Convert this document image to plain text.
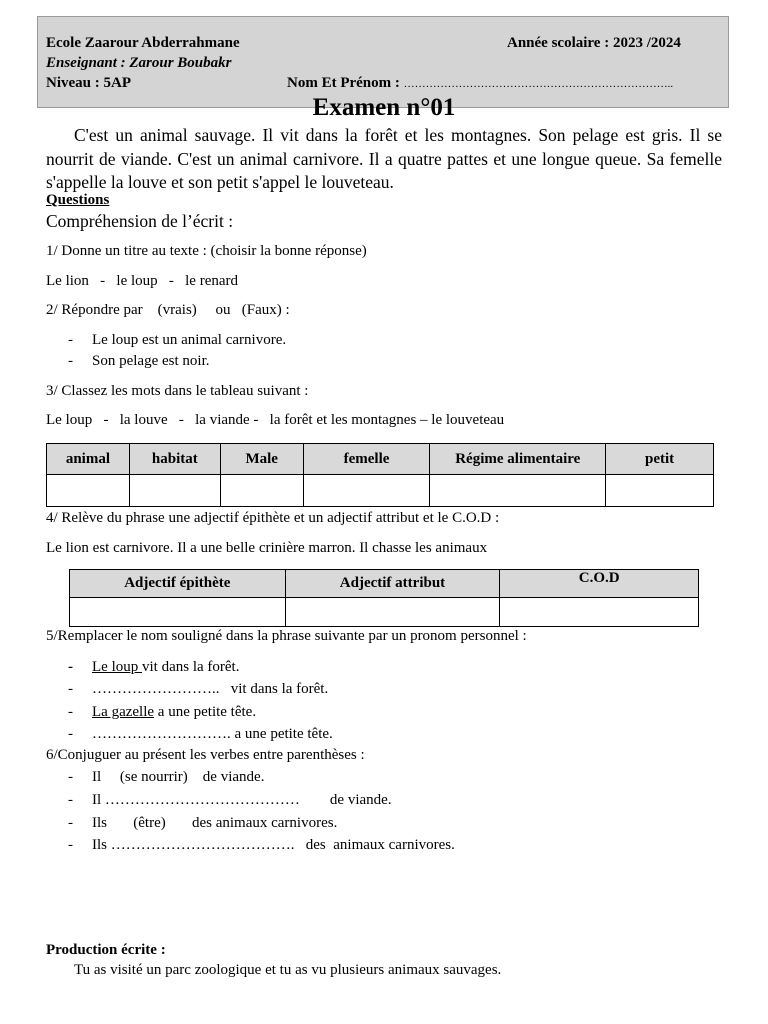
Ecole Zaarour Abderrahmane	Année scolaire : 2023 /2024
Enseignant : Zarour Boubakr
Niveau : 5AP	Nom Et Prénom : ………………………………………………………………..
Examen n°01

C'est un animal sauvage. Il vit dans la forêt et les montagnes. Son pelage est gris. Il se nourrit de viande. C'est un animal carnivore. Il a quatre pattes et une longue queue. Sa femelle s'appelle la louve et son petit s'appel le louveteau.

Questions
Compréhension de l’écrit :
1/ Donne un titre au texte : (choisir la bonne réponse)
Le lion   -   le loup   -   le renard
2/ Répondre par    (vrais)     ou   (Faux) :
- Le loup est un animal carnivore.
- Son pelage est noir.
3/ Classez les mots dans le tableau suivant :
Le loup   -   la louve   -   la viande -   la forêt et les montagnes – le louveteau
animal	habitat	Male	femelle	Régime alimentaire	petit

4/ Relève du phrase une adjectif épithète et un adjectif attribut et le C.O.D :
Le lion est carnivore. Il a une belle crinière marron. Il chasse les animaux
Adjectif épithète	Adjectif attribut	C.O.D

5/Remplacer le nom souligné dans la phrase suivante par un pronom personnel :
- Le loup vit dans la forêt.
- ……………………..   vit dans la forêt.
- La gazelle a une petite tête.
- ………………………. a une petite tête.
6/Conjuguer au présent les verbes entre parenthèses :
- Il     (se nourrir)    de viande.
- Il …………………………………        de viande.
- Ils       (être)       des animaux carnivores.
- Ils ……………………………….   des  animaux carnivores.
Production écrite :
Tu as visité un parc zoologique et tu as vu plusieurs animaux sauvages.
